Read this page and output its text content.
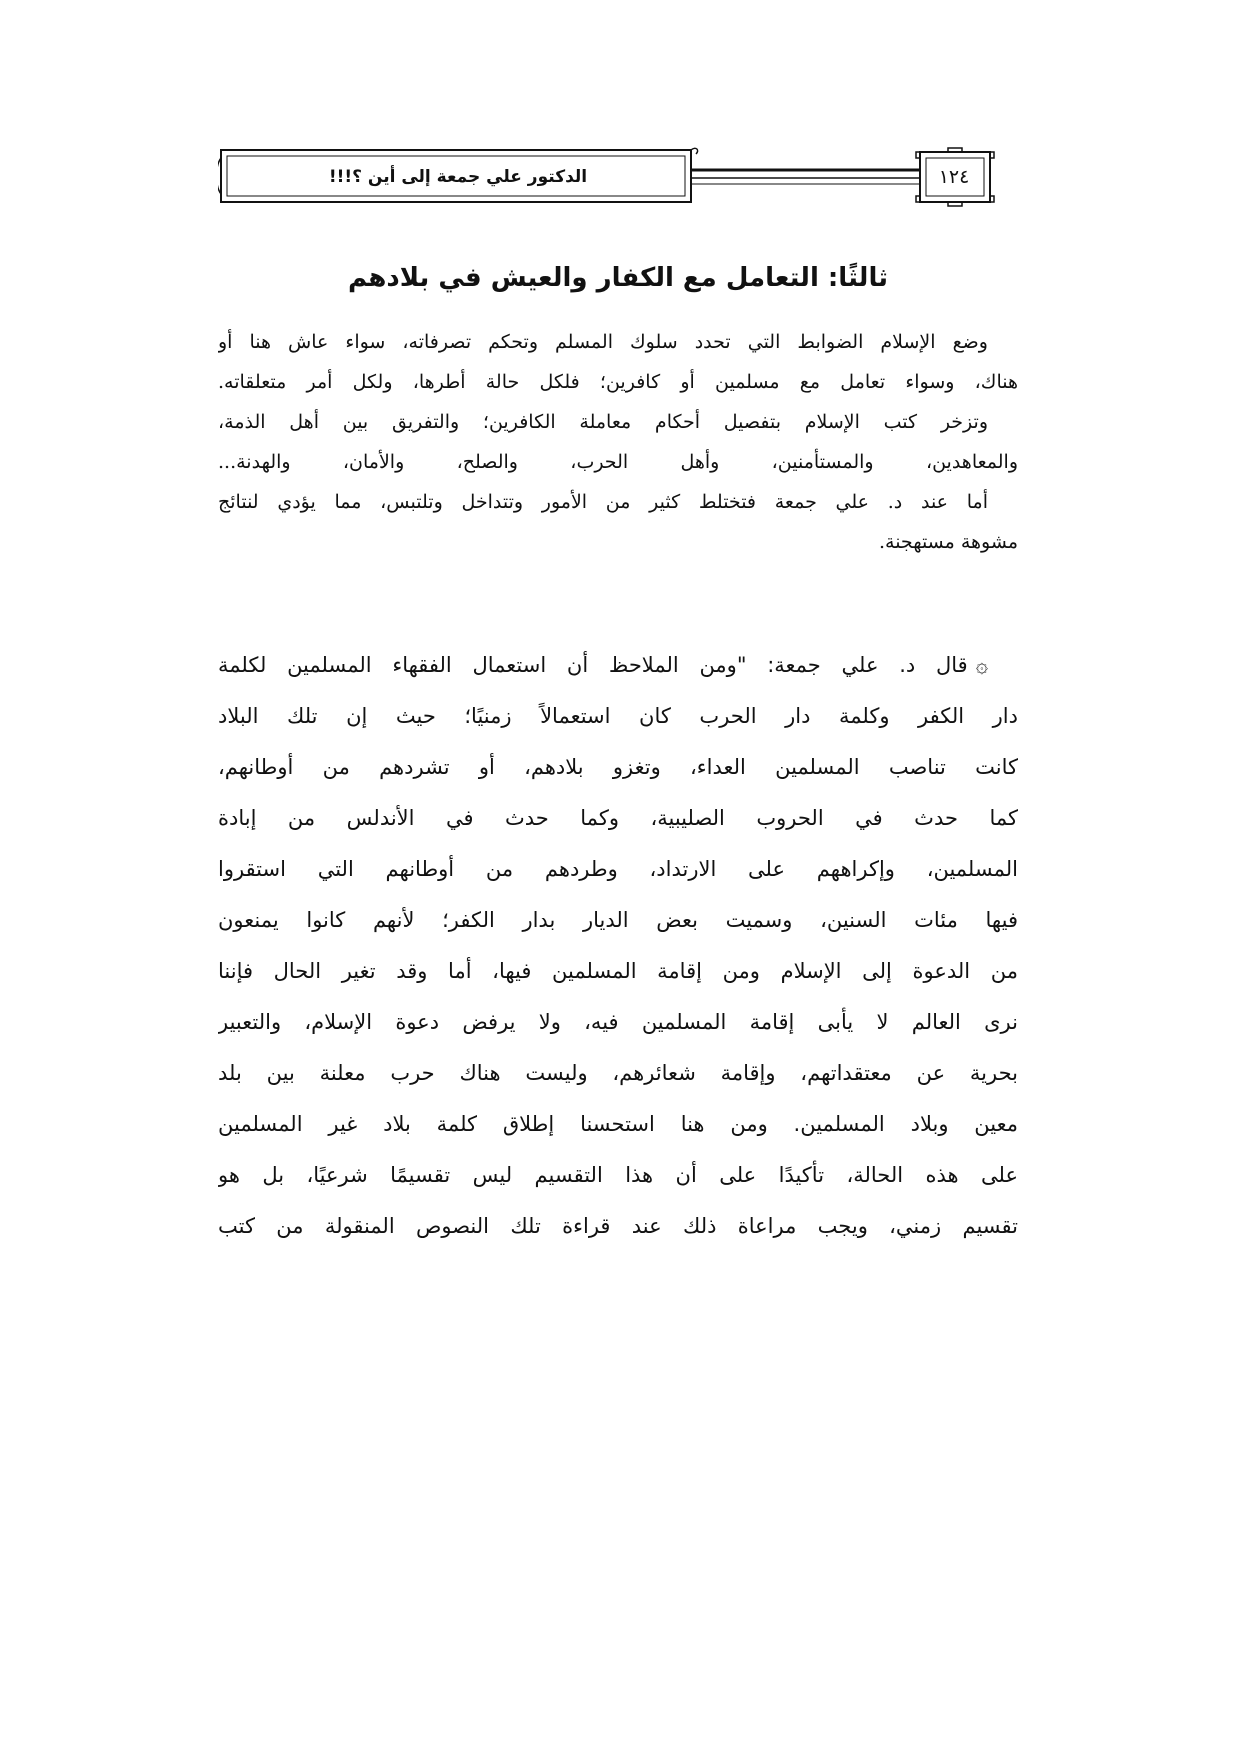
الدكتور علي جمعة إلى أين ؟!!!	١٢٤
ثالثًا: التعامل مع الكفار والعيش في بلادهم
وضع الإسلام الضوابط التي تحدد سلوك المسلم وتحكم تصرفاته، سواء عاش هنا أو
هناك، وسواء تعامل مع مسلمين أو كافرين؛ فلكل حالة أطرها، ولكل أمر متعلقاته.
وتزخر كتب الإسلام بتفصيل أحكام معاملة الكافرين؛ والتفريق بين أهل الذمة،
والمعاهدين، والمستأمنين، وأهل الحرب، والصلح، والأمان، والهدنة...
أما عند د. علي جمعة فتختلط كثير من الأمور وتتداخل وتلتبس، مما يؤدي لنتائج
مشوهة مستهجنة.
۞قال د. علي جمعة: "ومن الملاحظ أن استعمال الفقهاء المسلمين لكلمة
دار الكفر وكلمة دار الحرب كان استعمالاً زمنيًا؛ حيث إن تلك البلاد
كانت تناصب المسلمين العداء، وتغزو بلادهم، أو تشردهم من أوطانهم،
كما حدث في الحروب الصليبية، وكما حدث في الأندلس من إبادة
المسلمين، وإكراههم على الارتداد، وطردهم من أوطانهم التي استقروا
فيها مئات السنين، وسميت بعض الديار بدار الكفر؛ لأنهم كانوا يمنعون
من الدعوة إلى الإسلام ومن إقامة المسلمين فيها، أما وقد تغير الحال فإننا
نرى العالم لا يأبى إقامة المسلمين فيه، ولا يرفض دعوة الإسلام، والتعبير
بحرية عن معتقداتهم، وإقامة شعائرهم، وليست هناك حرب معلنة بين بلد
معين وبلاد المسلمين. ومن هنا استحسنا إطلاق كلمة بلاد غير المسلمين
على هذه الحالة، تأكيدًا على أن هذا التقسيم ليس تقسيمًا شرعيًا، بل هو
تقسيم زمني، ويجب مراعاة ذلك عند قراءة تلك النصوص المنقولة من كتب
